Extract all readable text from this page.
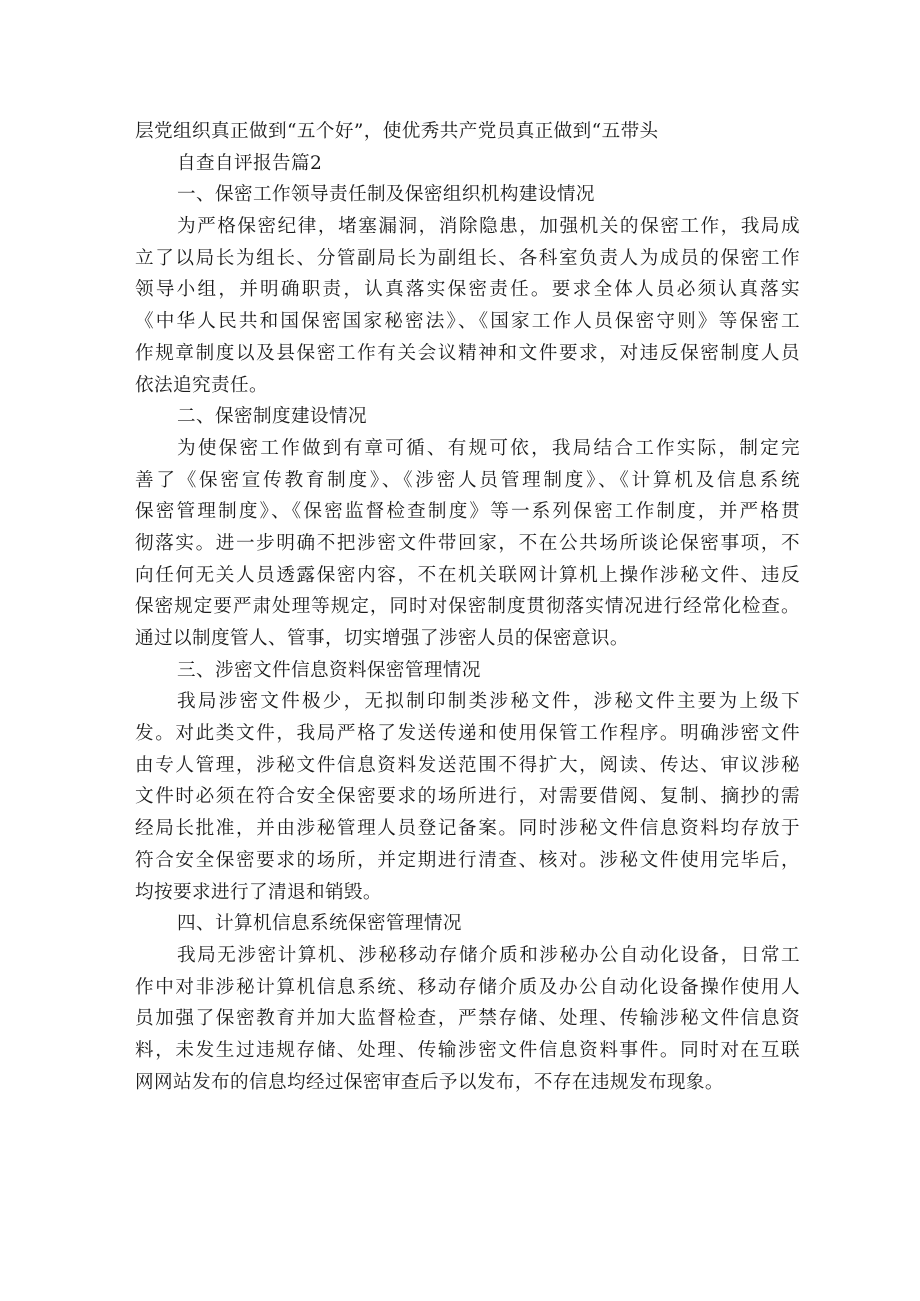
层党组织真正做到“五个好”，使优秀共产党员真正做到“五带头
自查自评报告篇2
一、保密工作领导责任制及保密组织机构建设情况
为严格保密纪律，堵塞漏洞，消除隐患，加强机关的保密工作，我局成
立了以局长为组长、分管副局长为副组长、各科室负责人为成员的保密工作
领导小组，并明确职责，认真落实保密责任。要求全体人员必须认真落实
《中华人民共和国保密国家秘密法》、《国家工作人员保密守则》等保密工
作规章制度以及县保密工作有关会议精神和文件要求，对违反保密制度人员
依法追究责任。
二、保密制度建设情况
为使保密工作做到有章可循、有规可依，我局结合工作实际，制定完
善了《保密宣传教育制度》、《涉密人员管理制度》、《计算机及信息系统
保密管理制度》、《保密监督检查制度》等一系列保密工作制度，并严格贯
彻落实。进一步明确不把涉密文件带回家，不在公共场所谈论保密事项，不
向任何无关人员透露保密内容，不在机关联网计算机上操作涉秘文件、违反
保密规定要严肃处理等规定，同时对保密制度贯彻落实情况进行经常化检查。
通过以制度管人、管事，切实增强了涉密人员的保密意识。
三、涉密文件信息资料保密管理情况
我局涉密文件极少，无拟制印制类涉秘文件，涉秘文件主要为上级下
发。对此类文件，我局严格了发送传递和使用保管工作程序。明确涉密文件
由专人管理，涉秘文件信息资料发送范围不得扩大，阅读、传达、审议涉秘
文件时必须在符合安全保密要求的场所进行，对需要借阅、复制、摘抄的需
经局长批准，并由涉秘管理人员登记备案。同时涉秘文件信息资料均存放于
符合安全保密要求的场所，并定期进行清查、核对。涉秘文件使用完毕后，
均按要求进行了清退和销毁。
四、计算机信息系统保密管理情况
我局无涉密计算机、涉秘移动存储介质和涉秘办公自动化设备，日常工
作中对非涉秘计算机信息系统、移动存储介质及办公自动化设备操作使用人
员加强了保密教育并加大监督检查，严禁存储、处理、传输涉秘文件信息资
料，未发生过违规存储、处理、传输涉密文件信息资料事件。同时对在互联
网网站发布的信息均经过保密审查后予以发布，不存在违规发布现象。
